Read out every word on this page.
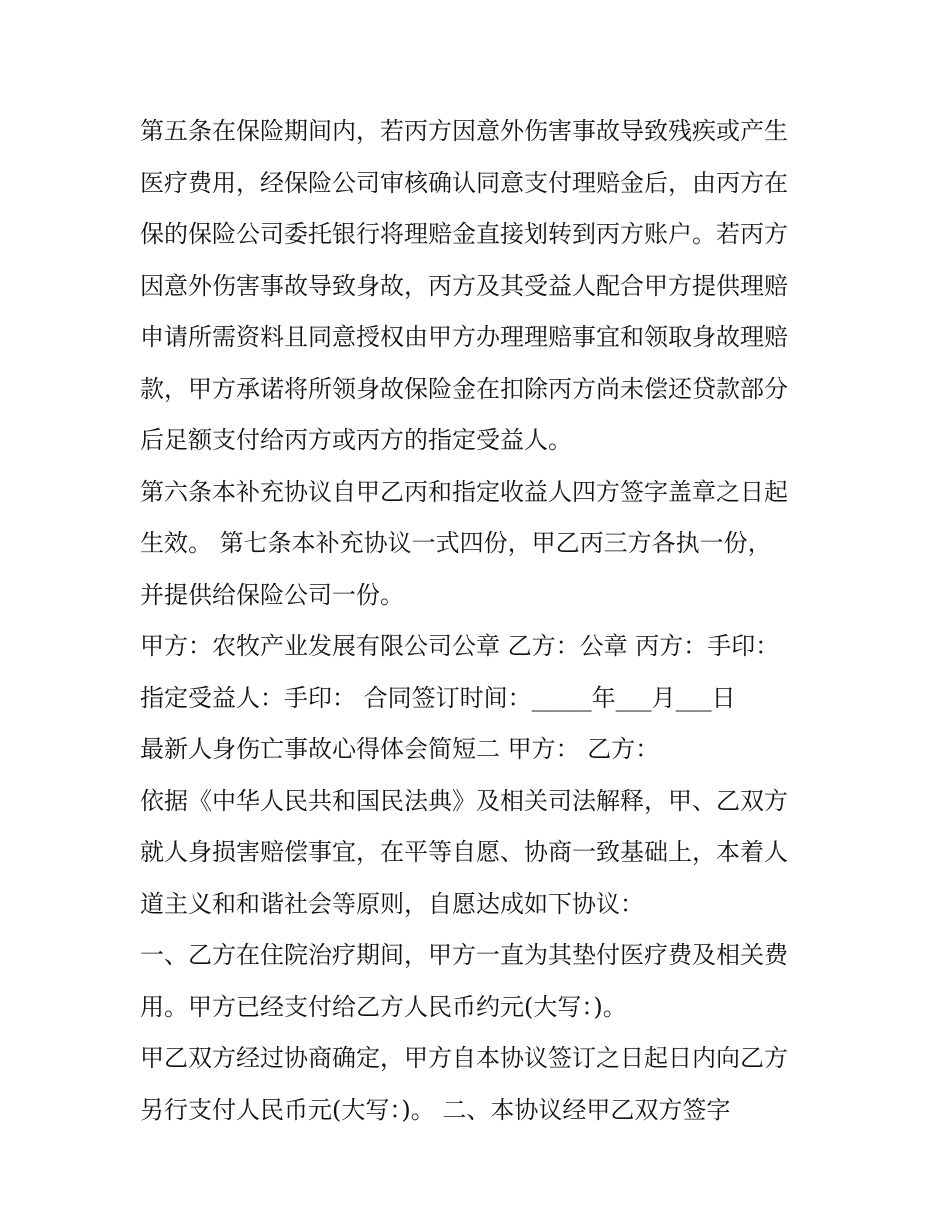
第五条在保险期间内，若丙方因意外伤害事故导致残疾或产生
医疗费用，经保险公司审核确认同意支付理赔金后，由丙方在
保的保险公司委托银行将理赔金直接划转到丙方账户。若丙方
因意外伤害事故导致身故，丙方及其受益人配合甲方提供理赔
申请所需资料且同意授权由甲方办理理赔事宜和领取身故理赔
款，甲方承诺将所领身故保险金在扣除丙方尚未偿还贷款部分
后足额支付给丙方或丙方的指定受益人。

第六条本补充协议自甲乙丙和指定收益人四方签字盖章之日起
生效。 第七条本补充协议一式四份，甲乙丙三方各执一份，
并提供给保险公司一份。

甲方：农牧产业发展有限公司公章 乙方：公章 丙方：手印：

指定受益人：手印： 合同签订时间：_____年___月___日

最新人身伤亡事故心得体会简短二 甲方： 乙方：

依据《中华人民共和国民法典》及相关司法解释，甲、乙双方
就人身损害赔偿事宜，在平等自愿、协商一致基础上，本着人
道主义和和谐社会等原则，自愿达成如下协议：

一、乙方在住院治疗期间，甲方一直为其垫付医疗费及相关费
用。甲方已经支付给乙方人民币约元(大写：)。

甲乙双方经过协商确定，甲方自本协议签订之日起日内向乙方
另行支付人民币元(大写：)。 二、本协议经甲乙双方签字
